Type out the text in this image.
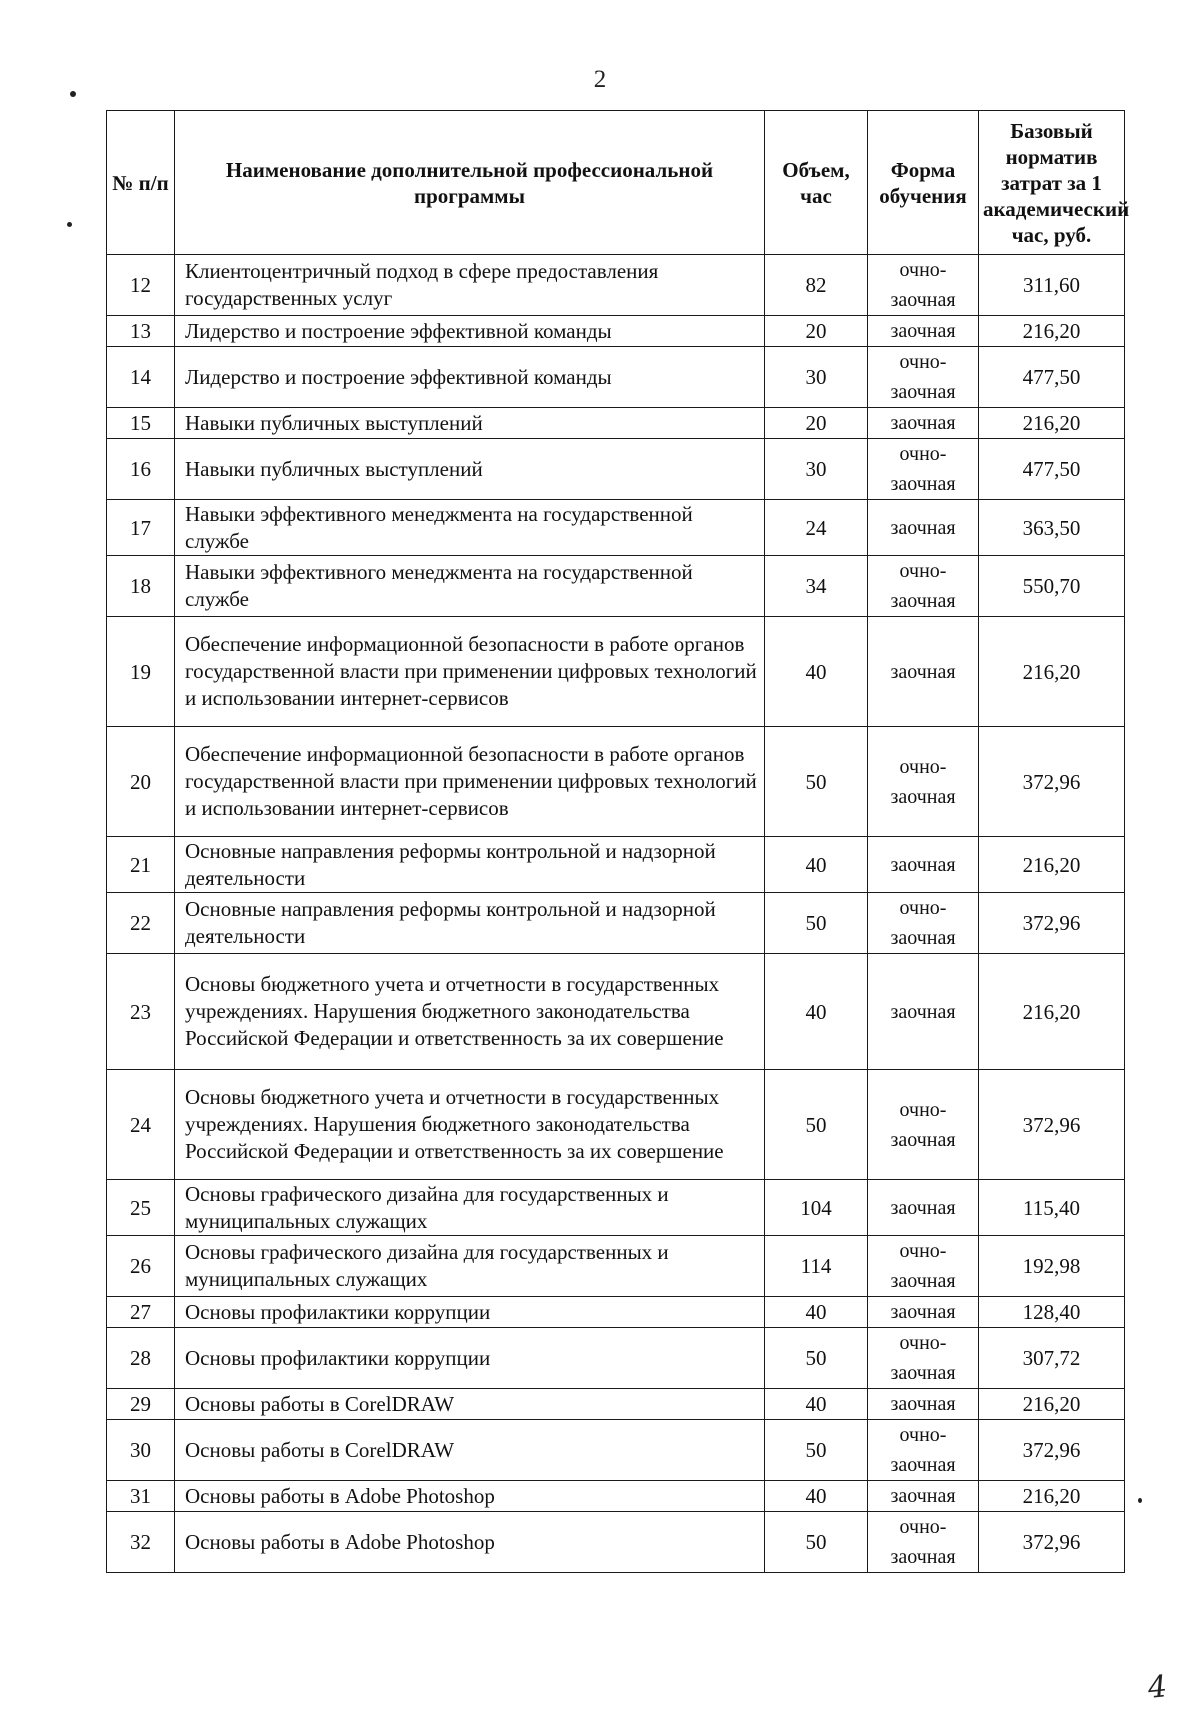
2
№ п/п	Наименование дополнительной профессиональной программы	Объем, час	Форма обучения	Базовый норматив затрат за 1 академический час, руб.
12	Клиентоцентричный подход в сфере предоставления государственных услуг	82	очно-заочная	311,60
13	Лидерство и построение эффективной команды	20	заочная	216,20
14	Лидерство и построение эффективной команды	30	очно-заочная	477,50
15	Навыки публичных выступлений	20	заочная	216,20
16	Навыки публичных выступлений	30	очно-заочная	477,50
17	Навыки эффективного менеджмента на государственной службе	24	заочная	363,50
18	Навыки эффективного менеджмента на государственной службе	34	очно-заочная	550,70
19	Обеспечение информационной безопасности в работе органов государственной власти при применении цифровых технологий и использовании интернет-сервисов	40	заочная	216,20
20	Обеспечение информационной безопасности в работе органов государственной власти при применении цифровых технологий и использовании интернет-сервисов	50	очно-заочная	372,96
21	Основные направления реформы контрольной и надзорной деятельности	40	заочная	216,20
22	Основные направления реформы контрольной и надзорной деятельности	50	очно-заочная	372,96
23	Основы бюджетного учета и отчетности в государственных учреждениях. Нарушения бюджетного законодательства Российской Федерации и ответственность за их совершение	40	заочная	216,20
24	Основы бюджетного учета и отчетности в государственных учреждениях. Нарушения бюджетного законодательства Российской Федерации и ответственность за их совершение	50	очно-заочная	372,96
25	Основы графического дизайна для государственных и муниципальных служащих	104	заочная	115,40
26	Основы графического дизайна для государственных и муниципальных служащих	114	очно-заочная	192,98
27	Основы профилактики коррупции	40	заочная	128,40
28	Основы профилактики коррупции	50	очно-заочная	307,72
29	Основы работы в CorelDRAW	40	заочная	216,20
30	Основы работы в CorelDRAW	50	очно-заочная	372,96
31	Основы работы в Adobe Photoshop	40	заочная	216,20
32	Основы работы в Adobe Photoshop	50	очно-заочная	372,96
4
